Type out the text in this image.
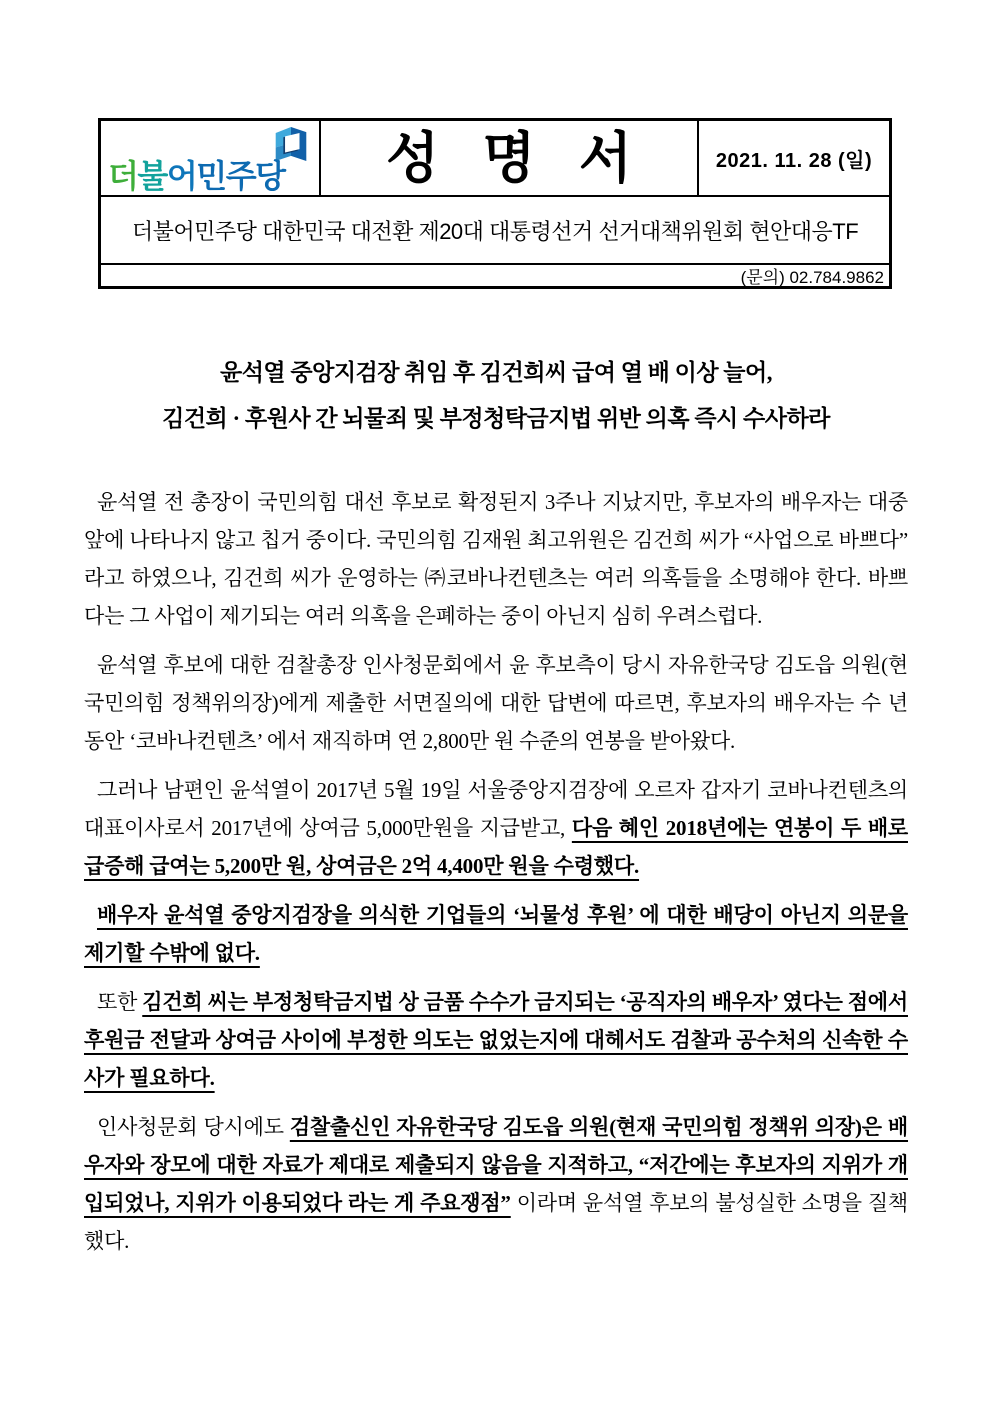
더불어민주당 성 명 서	2021. 11. 28 (일)
더불어민주당 대한민국 대전환 제20대 대통령선거 선거대책위원회 현안대응TF
(문의) 02.784.9862
윤석열 중앙지검장 취임 후 김건희씨 급여 열 배 이상 늘어,
김건희 · 후원사 간 뇌물죄 및 부정청탁금지법 위반 의혹 즉시 수사하라

윤석열 전 총장이 국민의힘 대선 후보로 확정된지 3주나 지났지만, 후보자의 배우자는 대중 앞에 나타나지 않고 칩거 중이다. 국민의힘 김재원 최고위원은 김건희 씨가 “사업으로 바쁘다” 라고 하였으나, 김건희 씨가 운영하는 ㈜코바나컨텐츠는 여러 의혹들을 소명해야 한다. 바쁘다는 그 사업이 제기되는 여러 의혹을 은폐하는 중이 아닌지 심히 우려스럽다.

윤석열 후보에 대한 검찰총장 인사청문회에서 윤 후보측이 당시 자유한국당 김도읍 의원(현 국민의힘 정책위의장)에게 제출한 서면질의에 대한 답변에 따르면, 후보자의 배우자는 수 년동안 ‘코바나컨텐츠’ 에서 재직하며 연 2,800만 원 수준의 연봉을 받아왔다.

그러나 남편인 윤석열이 2017년 5월 19일 서울중앙지검장에 오르자 갑자기 코바나컨텐츠의 대표이사로서 2017년에 상여금 5,000만원을 지급받고, 다음 혜인 2018년에는 연봉이 두 배로 급증해 급여는 5,200만 원, 상여금은 2억 4,400만 원을 수령했다.

배우자 윤석열 중앙지검장을 의식한 기업들의 ‘뇌물성 후원’ 에 대한 배당이 아닌지 의문을 제기할 수밖에 없다.

또한 김건희 씨는 부정청탁금지법 상 금품 수수가 금지되는 ‘공직자의 배우자’ 였다는 점에서 후원금 전달과 상여금 사이에 부정한 의도는 없었는지에 대헤서도 검찰과 공수처의 신속한 수사가 필요하다.

인사청문회 당시에도 검찰출신인 자유한국당 김도읍 의원(현재 국민의힘 정책위 의장)은 배우자와 장모에 대한 자료가 제대로 제출되지 않음을 지적하고, “저간에는 후보자의 지위가 개입되었나, 지위가 이용되었다 라는 게 주요쟁점” 이라며 윤석열 후보의 불성실한 소명을 질책했다.
